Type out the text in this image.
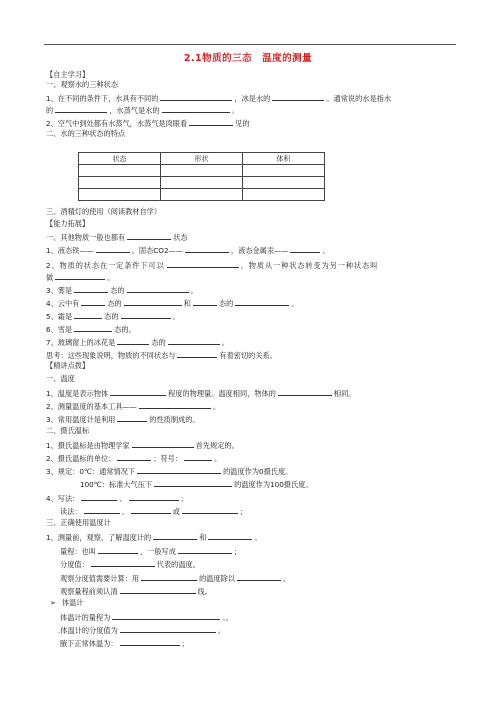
2.1物质的三态　温度的测量
【自主学习】
一、观察水的三种状态
1、在不同的条件下，水具有不同的	，冰是水的	。通常说的水是指水
的	，水蒸气是水的	。
2、空气中到处都有水蒸气，水蒸气是肉眼看	见的
二、水的三种状态的特点
状态	形状	体积

三、酒精灯的使用（阅读教材自学）
【能力拓展】
一、其他物质一般也都有	状态
1、液态铁——	，固态CO2——	，液态金属汞——	。
2、物质的状态在一定条件下可以	，物质从一种状态转变为另一种状态叫
做	。
3、雾是	态的	。
4、云中有	态的	和	态的	。
5、霜是	态的	。
6、雪是	态的。
7、玻璃窗上的冰花是	态的	。
思考：这些现象说明，物质的不同状态与	有着密切的关系。
【精讲点拨】
一、温度
1、温度是表示物体	程度的物理量。温度相同，物体的	相同。
2、测量温度的基本工具——	。
3、常用温度计是利用	的性质制成的。
二、摄氏温标
1、摄氏温标是由物理学家	首先规定的。
2、摄氏温标的单位：	；符号：	。
3、规定：0℃：通常情况下	的温度作为0摄氏度。
100℃：标准大气压下	的温度作为100摄氏度。
4、写法：	、	；
读法：	、	或	；
三、正确使用温度计
1、测量前，观察、了解温度计的	和	。
量程：也叫	，一般写成	；
分度值：	代表的温度。
观察分度值需要计算：用	的温度除以	。
观察量程前须认清	线。
➢ 体温计
体温计的量程为	。。
.体温计的分度值为	。
腋下正常体温为：	；
